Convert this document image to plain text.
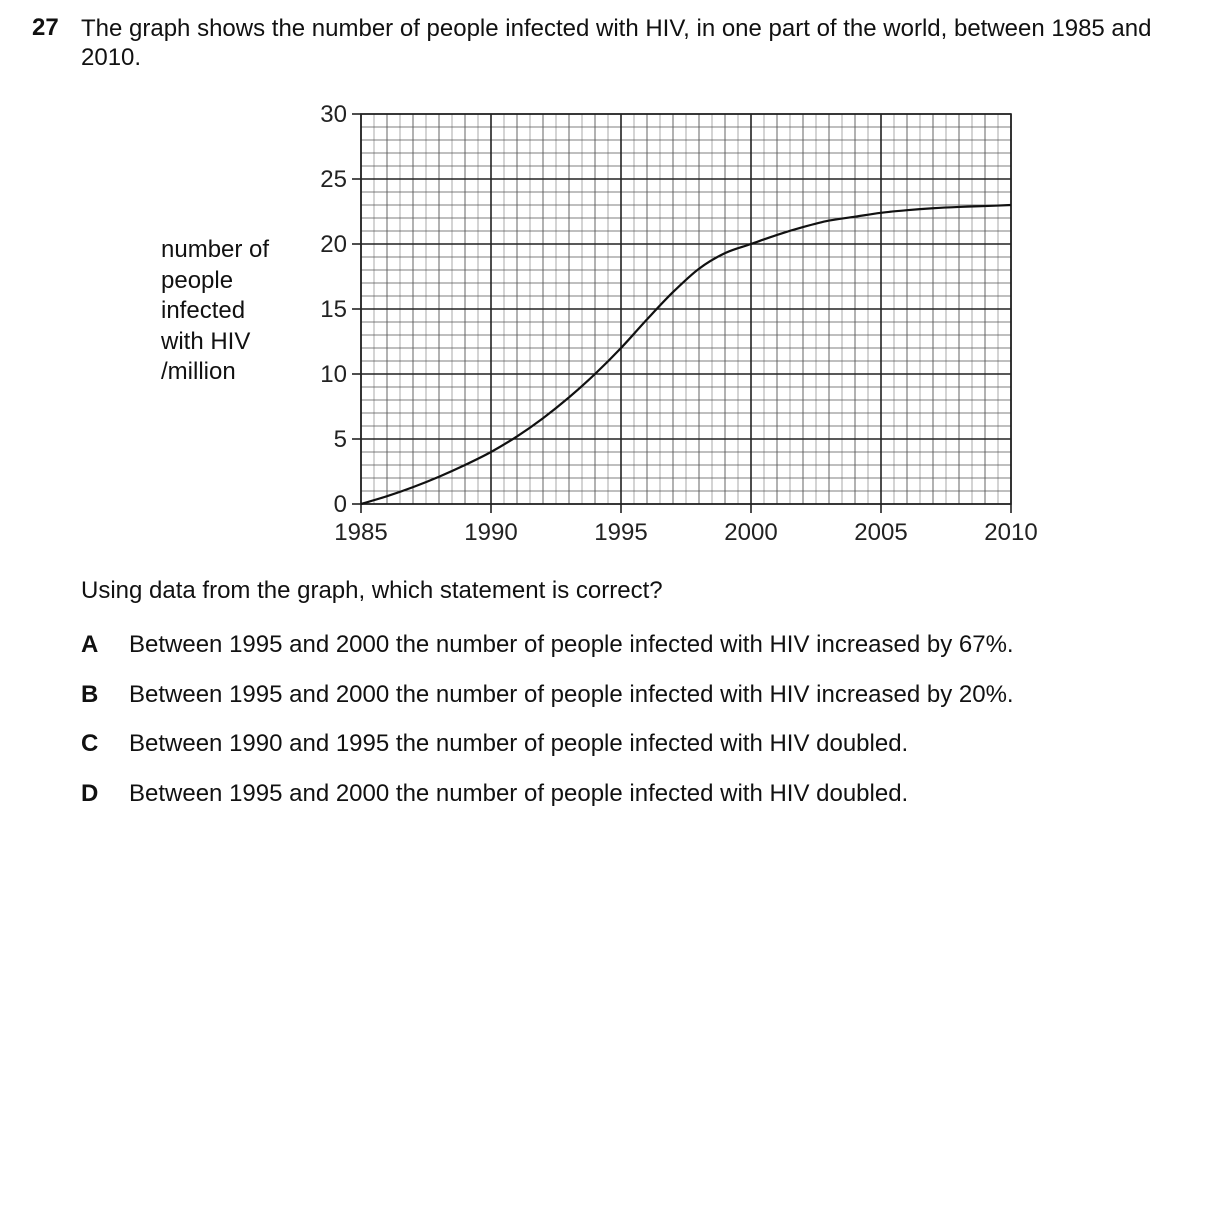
27 The graph shows the number of people infected with HIV, in one part of the world, between 1985 and 2010.
number of
people
infected
with HIV
/million
0
5
10
15
20
25
30
1985	1990	1995	2000	2005	2010
Using data from the graph, which statement is correct?
A	Between 1995 and 2000 the number of people infected with HIV increased by 67%.
B	Between 1995 and 2000 the number of people infected with HIV increased by 20%.
C	Between 1990 and 1995 the number of people infected with HIV doubled.
D	Between 1995 and 2000 the number of people infected with HIV doubled.
